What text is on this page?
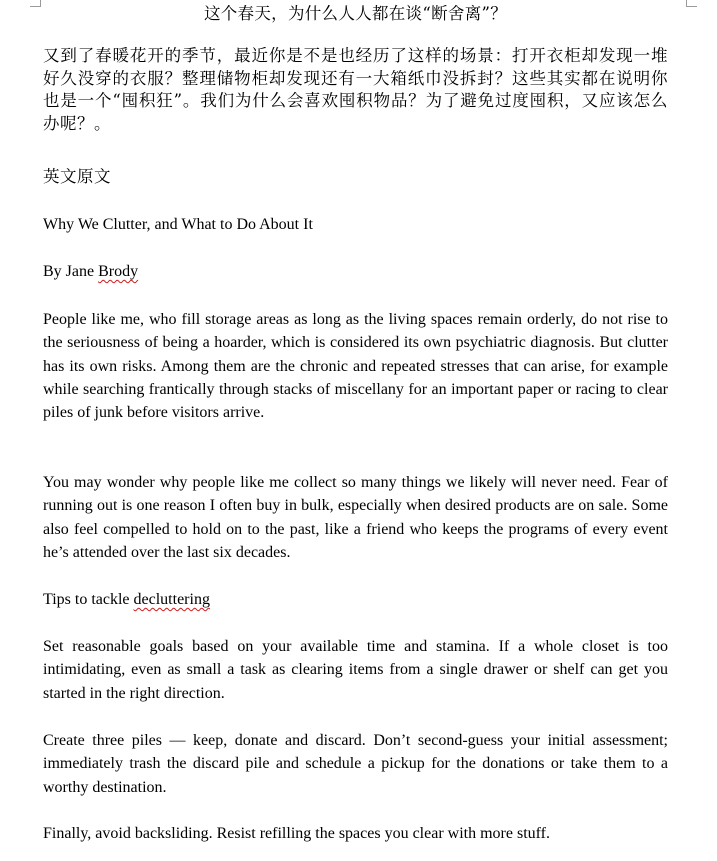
这个春天，为什么人人都在谈“断舍离”？

又到了春暖花开的季节，最近你是不是也经历了这样的场景：打开衣柜却发现一堆好久没穿的衣服？整理储物柜却发现还有一大箱纸巾没拆封？这些其实都在说明你也是一个“囤积狂”。我们为什么会喜欢囤积物品？为了避免过度囤积，又应该怎么办呢？。

英文原文

Why We Clutter, and What to Do About It

By Jane Brody

People like me, who fill storage areas as long as the living spaces remain orderly, do not rise to the seriousness of being a hoarder, which is considered its own psychiatric diagnosis. But clutter has its own risks. Among them are the chronic and repeated stresses that can arise, for example while searching frantically through stacks of miscellany for an important paper or racing to clear piles of junk before visitors arrive.

You may wonder why people like me collect so many things we likely will never need. Fear of running out is one reason I often buy in bulk, especially when desired products are on sale. Some also feel compelled to hold on to the past, like a friend who keeps the programs of every event he’s attended over the last six decades.

Tips to tackle decluttering

Set reasonable goals based on your available time and stamina. If a whole closet is too intimidating, even as small a task as clearing items from a single drawer or shelf can get you started in the right direction.

Create three piles — keep, donate and discard. Don’t second-guess your initial assessment; immediately trash the discard pile and schedule a pickup for the donations or take them to a worthy destination.

Finally, avoid backsliding. Resist refilling the spaces you clear with more stuff.
